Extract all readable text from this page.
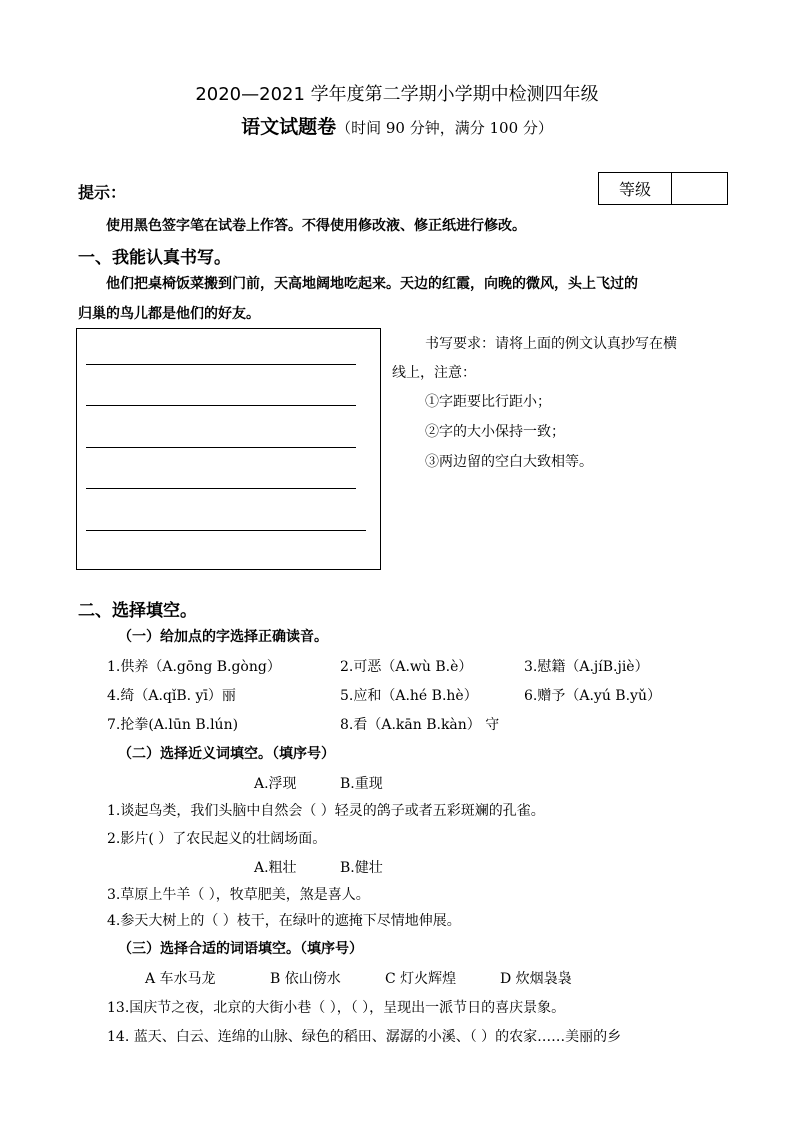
2020—2021 学年度第二学期小学期中检测四年级
语文试题卷（时间 90 分钟，满分 100 分）
提示：	等级
使用黑色签字笔在试卷上作答。不得使用修改液、修正纸进行修改。
一、我能认真书写。
他们把桌椅饭菜搬到门前，天高地阔地吃起来。天边的红霞，向晚的微风，头上飞过的
归巢的鸟儿都是他们的好友。
书写要求：请将上面的例文认真抄写在横
线上，注意：
①字距要比行距小；
②字的大小保持一致；
③两边留的空白大致相等。
二、选择填空。
（一）给加点的字选择正确读音。
1.供养（A.gōng B.gòng）	2.可恶（A.wù B.è）	3.慰籍（A.jíB.jiè）
4.绮（A.qǐB. yī）丽	5.应和（A.hé B.hè）	6.赠予（A.yú B.yǔ）
7.抡拳(A.lūn B.lún)	8.看（A.kān B.kàn） 守
（二）选择近义词填空。（填序号）
A.浮现	B.重现
1.谈起鸟类，我们头脑中自然会（ ）轻灵的鸽子或者五彩斑斓的孔雀。
2.影片( ）了农民起义的壮阔场面。
A.粗壮	B.健壮
3.草原上牛羊（ ），牧草肥美，煞是喜人。
4.参天大树上的（ ）枝干，在绿叶的遮掩下尽情地伸展。
（三）选择合适的词语填空。（填序号）
A 车水马龙	B 依山傍水	C 灯火辉煌	D 炊烟袅袅
13.国庆节之夜，北京的大街小巷（ ），（ ），呈现出一派节日的喜庆景象。
14. 蓝天、白云、连绵的山脉、绿色的稻田、潺潺的小溪、（ ）的农家……美丽的乡
